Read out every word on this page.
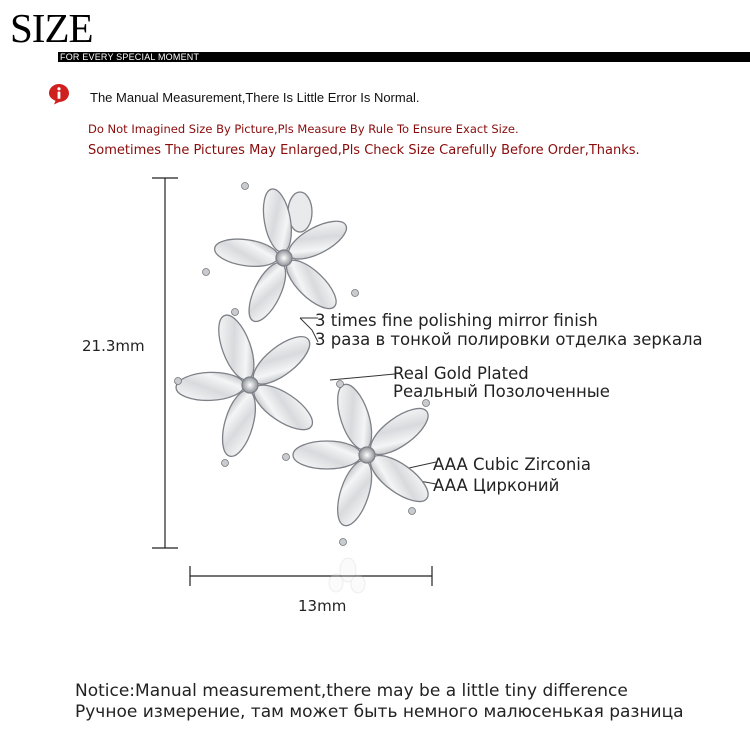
SIZE
FOR EVERY SPECIAL MOMENT
The Manual Measurement,There Is Little Error Is Normal.
Do Not Imagined Size By Picture,Pls Measure By Rule To Ensure Exact Size.
Sometimes The Pictures May Enlarged,Pls Check Size Carefully Before Order,Thanks.
21.3mm
13mm
3 times fine polishing mirror finish
3 раза в тонкой полировки отделка зеркала
Real Gold Plated
Реальный Позолоченные
AAA Cubic Zirconia
AAA Цирконий
Notice:Manual measurement,there may be a little tiny difference
Ручное измерение, там может быть немного малюсенькая разница
